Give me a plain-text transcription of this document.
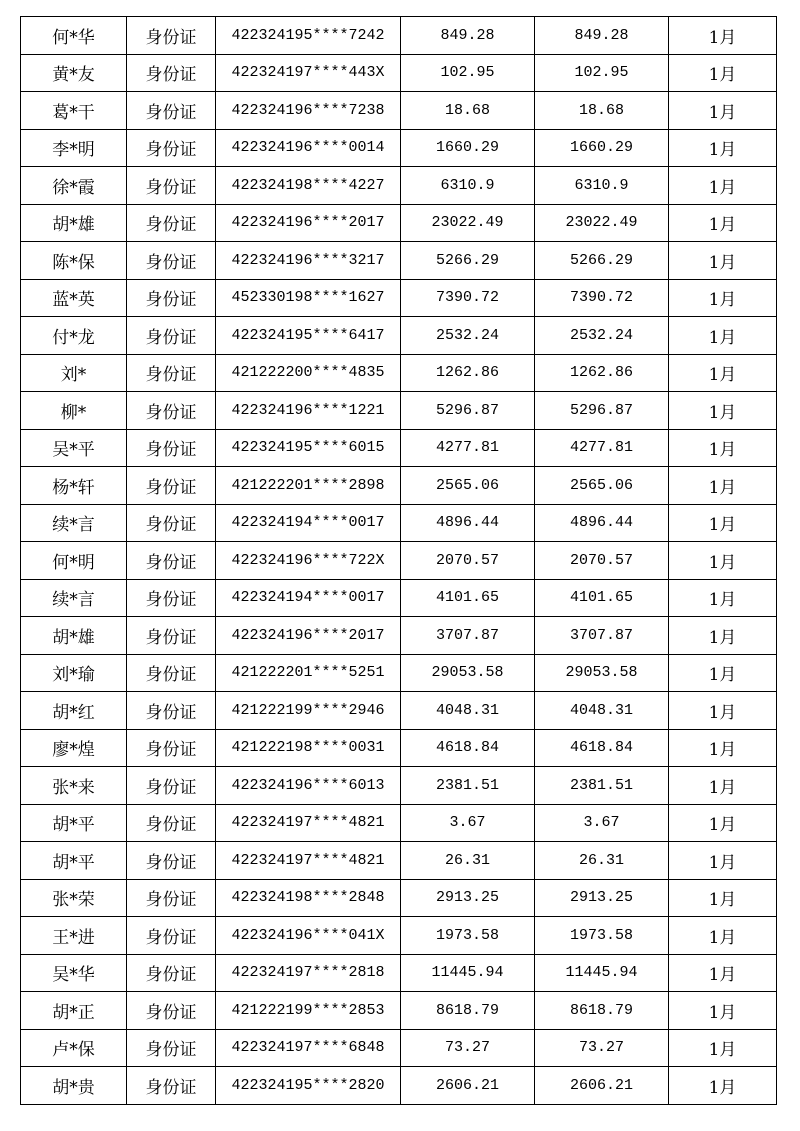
何*华	身份证	422324195****7242	849.28	849.28	1月
黄*友	身份证	422324197****443X	102.95	102.95	1月
葛*干	身份证	422324196****7238	18.68	18.68	1月
李*明	身份证	422324196****0014	1660.29	1660.29	1月
徐*霞	身份证	422324198****4227	6310.9	6310.9	1月
胡*雄	身份证	422324196****2017	23022.49	23022.49	1月
陈*保	身份证	422324196****3217	5266.29	5266.29	1月
蓝*英	身份证	452330198****1627	7390.72	7390.72	1月
付*龙	身份证	422324195****6417	2532.24	2532.24	1月
刘*	身份证	421222200****4835	1262.86	1262.86	1月
柳*	身份证	422324196****1221	5296.87	5296.87	1月
吴*平	身份证	422324195****6015	4277.81	4277.81	1月
杨*轩	身份证	421222201****2898	2565.06	2565.06	1月
续*言	身份证	422324194****0017	4896.44	4896.44	1月
何*明	身份证	422324196****722X	2070.57	2070.57	1月
续*言	身份证	422324194****0017	4101.65	4101.65	1月
胡*雄	身份证	422324196****2017	3707.87	3707.87	1月
刘*瑜	身份证	421222201****5251	29053.58	29053.58	1月
胡*红	身份证	421222199****2946	4048.31	4048.31	1月
廖*煌	身份证	421222198****0031	4618.84	4618.84	1月
张*来	身份证	422324196****6013	2381.51	2381.51	1月
胡*平	身份证	422324197****4821	3.67	3.67	1月
胡*平	身份证	422324197****4821	26.31	26.31	1月
张*荣	身份证	422324198****2848	2913.25	2913.25	1月
王*进	身份证	422324196****041X	1973.58	1973.58	1月
吴*华	身份证	422324197****2818	11445.94	11445.94	1月
胡*正	身份证	421222199****2853	8618.79	8618.79	1月
卢*保	身份证	422324197****6848	73.27	73.27	1月
胡*贵	身份证	422324195****2820	2606.21	2606.21	1月
